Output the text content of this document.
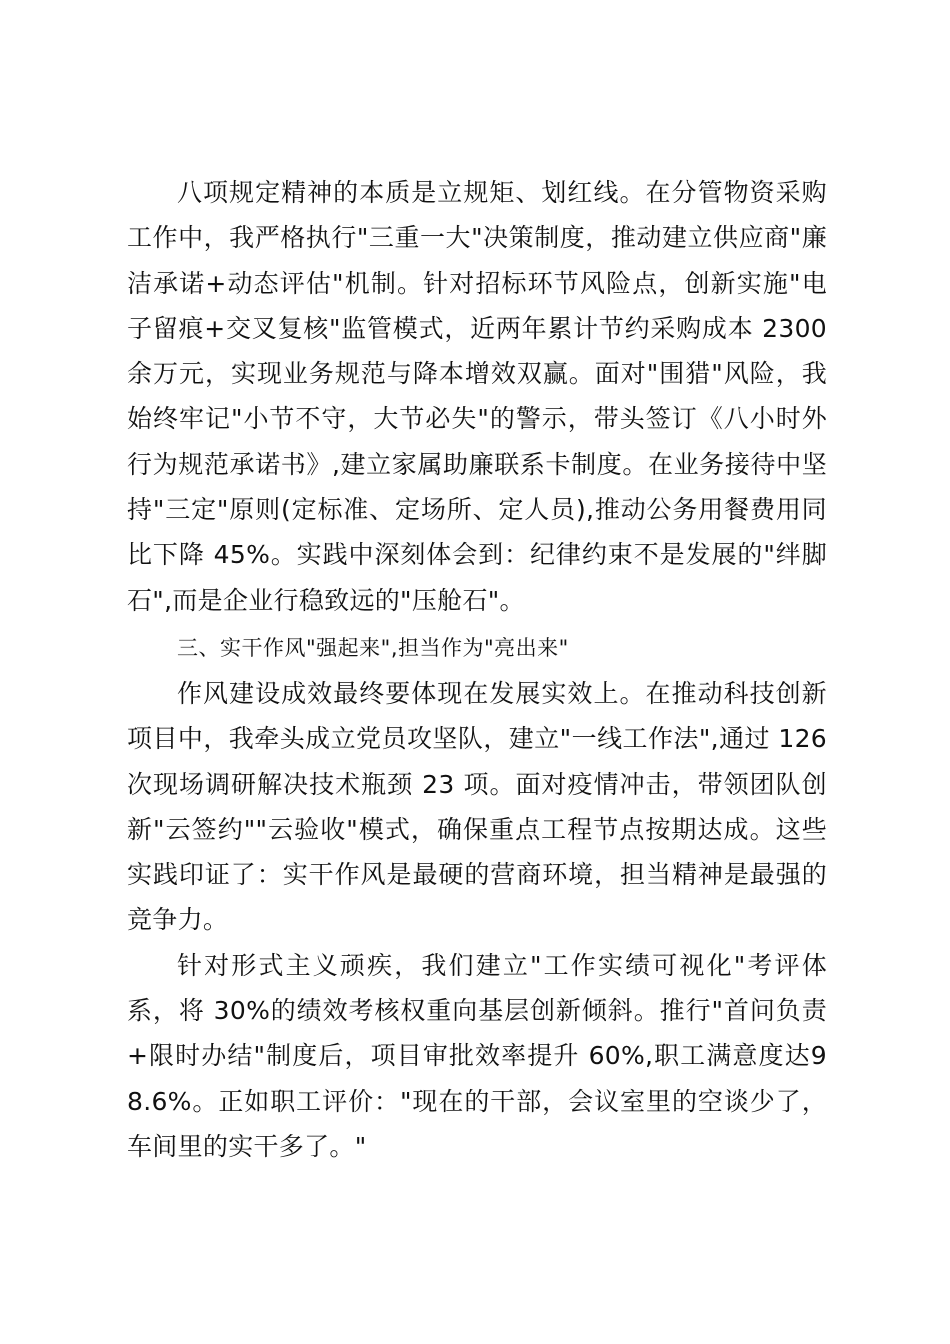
八项规定精神的本质是立规矩、划红线。在分管物资采购工作中，我严格执行"三重一大"决策制度，推动建立供应商"廉洁承诺+动态评估"机制。针对招标环节风险点，创新实施"电子留痕+交叉复核"监管模式，近两年累计节约采购成本 2300 余万元，实现业务规范与降本增效双赢。面对"围猎"风险，我始终牢记"小节不守，大节必失"的警示，带头签订《八小时外行为规范承诺书》,建立家属助廉联系卡制度。在业务接待中坚持"三定"原则(定标准、定场所、定人员),推动公务用餐费用同比下降 45%。实践中深刻体会到：纪律约束不是发展的"绊脚石",而是企业行稳致远的"压舱石"。

三、实干作风"强起来",担当作为"亮出来"

作风建设成效最终要体现在发展实效上。在推动科技创新项目中，我牵头成立党员攻坚队，建立"一线工作法",通过 126 次现场调研解决技术瓶颈 23 项。面对疫情冲击，带领团队创新"云签约""云验收"模式，确保重点工程节点按期达成。这些实践印证了：实干作风是最硬的营商环境，担当精神是最强的竞争力。

针对形式主义顽疾，我们建立"工作实绩可视化"考评体系，将 30%的绩效考核权重向基层创新倾斜。推行"首问负责+限时办结"制度后，项目审批效率提升 60%,职工满意度达98.6%。正如职工评价："现在的干部，会议室里的空谈少了，车间里的实干多了。"
